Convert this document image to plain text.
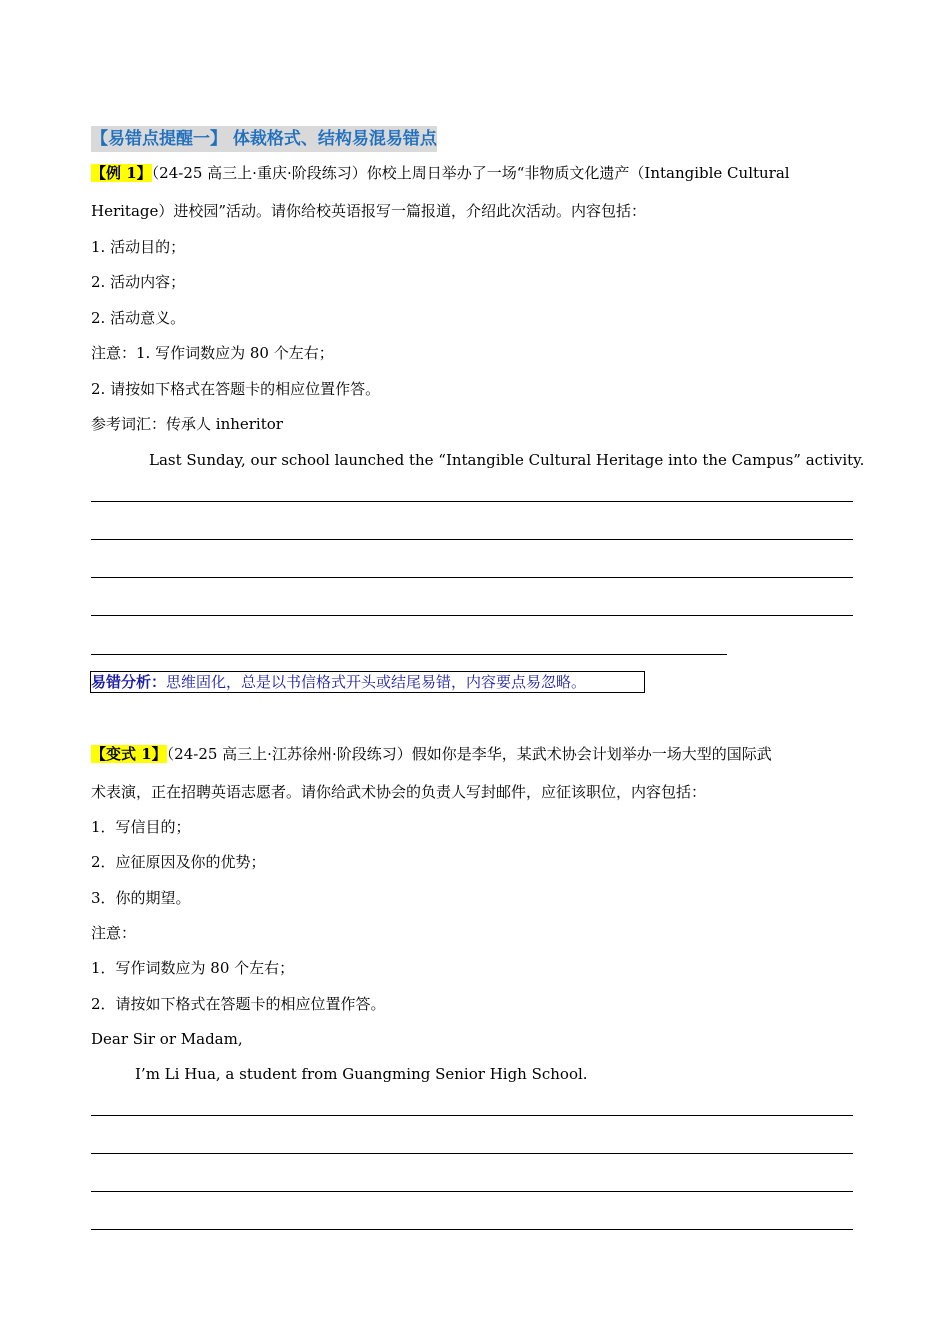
【易错点提醒一】 体裁格式、结构易混易错点
【例 1】（24-25 高三上·重庆·阶段练习）你校上周日举办了一场“非物质文化遗产（Intangible Cultural
Heritage）进校园”活动。请你给校英语报写一篇报道，介绍此次活动。内容包括：
1. 活动目的；
2. 活动内容；
2. 活动意义。
注意：1. 写作词数应为 80 个左右；
2. 请按如下格式在答题卡的相应位置作答。
参考词汇：传承人 inheritor
Last Sunday, our school launched the “Intangible Cultural Heritage into the Campus” activity.
易错分析：思维固化，总是以书信格式开头或结尾易错，内容要点易忽略。
【变式 1】（24-25 高三上·江苏徐州·阶段练习）假如你是李华，某武术协会计划举办一场大型的国际武
术表演，正在招聘英语志愿者。请你给武术协会的负责人写封邮件，应征该职位，内容包括：
1．写信目的；
2．应征原因及你的优势；
3．你的期望。
注意：
1．写作词数应为 80 个左右；
2．请按如下格式在答题卡的相应位置作答。
Dear Sir or Madam,
I’m Li Hua, a student from Guangming Senior High School.
